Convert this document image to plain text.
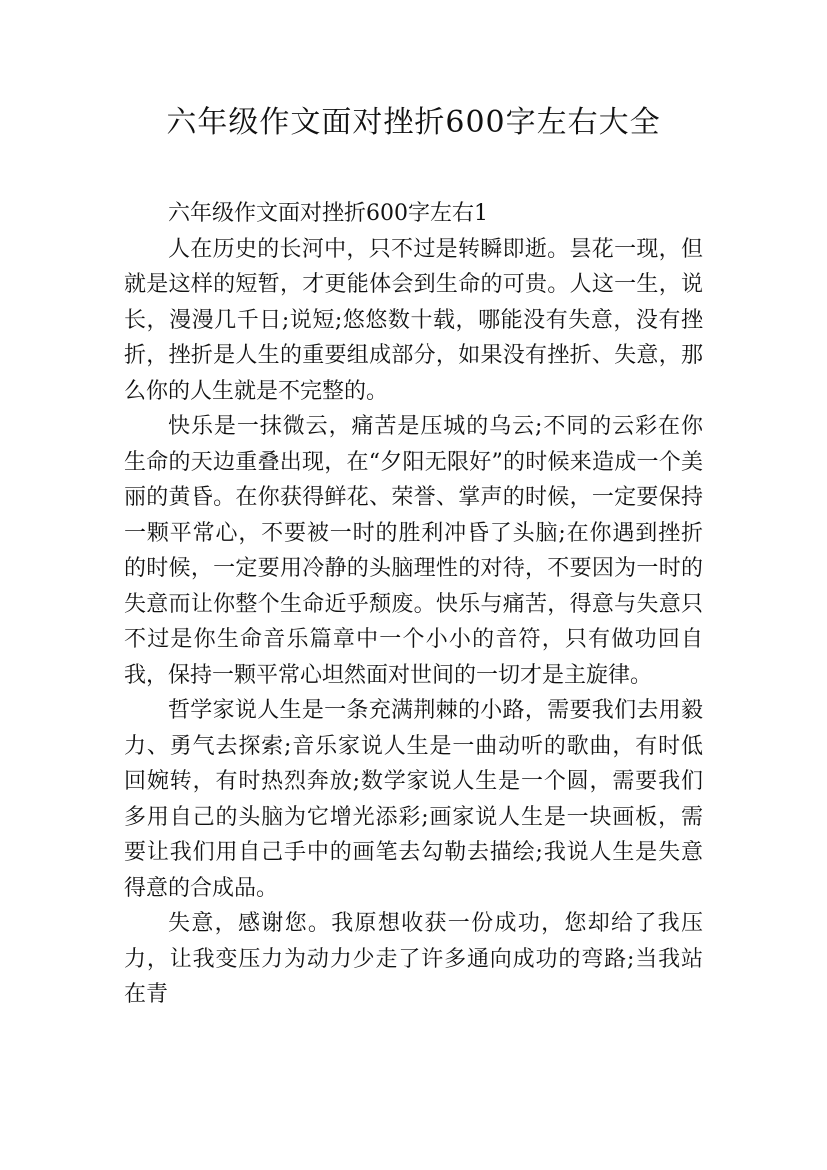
六年级作文面对挫折600字左右大全

六年级作文面对挫折600字左右1

人在历史的长河中，只不过是转瞬即逝。昙花一现，但就是这样的短暂，才更能体会到生命的可贵。人这一生，说长，漫漫几千日;说短;悠悠数十载，哪能没有失意，没有挫折，挫折是人生的重要组成部分，如果没有挫折、失意，那么你的人生就是不完整的。

快乐是一抹微云，痛苦是压城的乌云;不同的云彩在你生命的天边重叠出现，在“夕阳无限好”的时候来造成一个美丽的黄昏。在你获得鲜花、荣誉、掌声的时候，一定要保持一颗平常心，不要被一时的胜利冲昏了头脑;在你遇到挫折的时候，一定要用冷静的头脑理性的对待，不要因为一时的失意而让你整个生命近乎颓废。快乐与痛苦，得意与失意只不过是你生命音乐篇章中一个小小的音符，只有做功回自我，保持一颗平常心坦然面对世间的一切才是主旋律。

哲学家说人生是一条充满荆棘的小路，需要我们去用毅力、勇气去探索;音乐家说人生是一曲动听的歌曲，有时低回婉转，有时热烈奔放;数学家说人生是一个圆，需要我们多用自己的头脑为它增光添彩;画家说人生是一块画板，需要让我们用自己手中的画笔去勾勒去描绘;我说人生是失意得意的合成品。

失意，感谢您。我原想收获一份成功，您却给了我压力，让我变压力为动力少走了许多通向成功的弯路;当我站在青
